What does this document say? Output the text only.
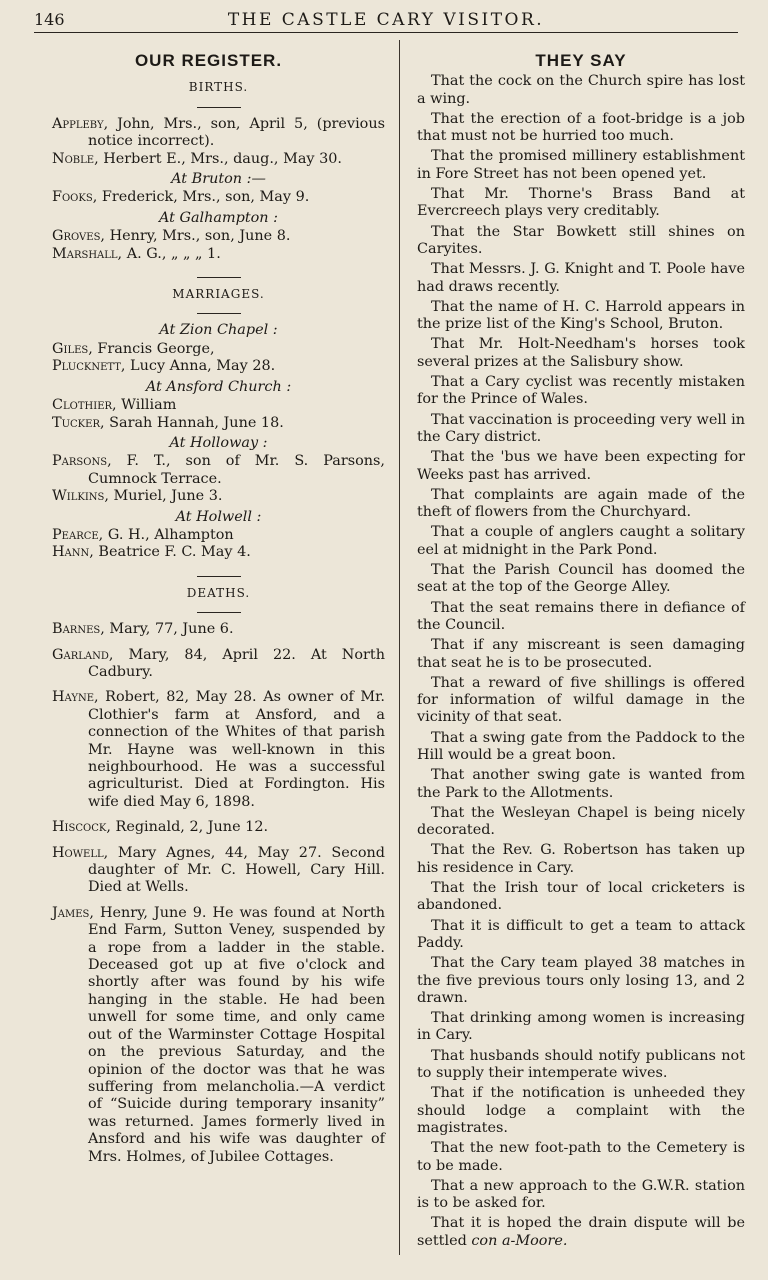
146	THE CASTLE CARY VISITOR.
OUR REGISTER.
BIRTHS.
Appleby, John, Mrs., son, April 5, (previous notice incorrect).
Noble, Herbert E., Mrs., daug., May 30.
At Bruton :—
Fooks, Frederick, Mrs., son, May 9.
At Galhampton :
Groves, Henry, Mrs., son, June 8.
Marshall, A. G., „ „ „ 1.
MARRIAGES.
At Zion Chapel :
Giles, Francis George,
Plucknett, Lucy Anna, May 28.
At Ansford Church :
Clothier, William
Tucker, Sarah Hannah, June 18.
At Holloway :
Parsons, F. T., son of Mr. S. Parsons, Cumnock Terrace.
Wilkins, Muriel, June 3.
At Holwell :
Pearce, G. H., Alhampton
Hann, Beatrice F. C. May 4.
DEATHS.
Barnes, Mary, 77, June 6.
Garland, Mary, 84, April 22. At North Cadbury.
Hayne, Robert, 82, May 28. As owner of Mr. Clothier's farm at Ansford, and a connection of the Whites of that parish Mr. Hayne was well-known in this neighbourhood. He was a successful agriculturist. Died at Fordington. His wife died May 6, 1898.
Hiscock, Reginald, 2, June 12.
Howell, Mary Agnes, 44, May 27. Second daughter of Mr. C. Howell, Cary Hill. Died at Wells.
James, Henry, June 9. He was found at North End Farm, Sutton Veney, suspended by a rope from a ladder in the stable. Deceased got up at five o'clock and shortly after was found by his wife hanging in the stable. He had been unwell for some time, and only came out of the Warminster Cottage Hospital on the previous Saturday, and the opinion of the doctor was that he was suffering from melancholia.—A verdict of “Suicide during temporary insanity” was returned. James formerly lived in Ansford and his wife was daughter of Mrs. Holmes, of Jubilee Cottages.
THEY SAY

That the cock on the Church spire has lost a wing.

That the erection of a foot-bridge is a job that must not be hurried too much.

That the promised millinery establishment in Fore Street has not been opened yet.

That Mr. Thorne's Brass Band at Evercreech plays very creditably.

That the Star Bowkett still shines on Caryites.

That Messrs. J. G. Knight and T. Poole have had draws recently.

That the name of H. C. Harrold appears in the prize list of the King's School, Bruton.

That Mr. Holt-Needham's horses took several prizes at the Salisbury show.

That a Cary cyclist was recently mistaken for the Prince of Wales.

That vaccination is proceeding very well in the Cary district.

That the 'bus we have been expecting for Weeks past has arrived.

That complaints are again made of the theft of flowers from the Churchyard.

That a couple of anglers caught a solitary eel at midnight in the Park Pond.

That the Parish Council has doomed the seat at the top of the George Alley.

That the seat remains there in defiance of the Council.

That if any miscreant is seen damaging that seat he is to be prosecuted.

That a reward of five shillings is offered for information of wilful damage in the vicinity of that seat.

That a swing gate from the Paddock to the Hill would be a great boon.

That another swing gate is wanted from the Park to the Allotments.

That the Wesleyan Chapel is being nicely decorated.

That the Rev. G. Robertson has taken up his residence in Cary.

That the Irish tour of local cricketers is abandoned.

That it is difficult to get a team to attack Paddy.

That the Cary team played 38 matches in the five previous tours only losing 13, and 2 drawn.

That drinking among women is increasing in Cary.

That husbands should notify publicans not to supply their intemperate wives.

That if the notification is unheeded they should lodge a complaint with the magistrates.

That the new foot-path to the Cemetery is to be made.

That a new approach to the G.W.R. station is to be asked for.

That it is hoped the drain dispute will be settled con a-Moore.
